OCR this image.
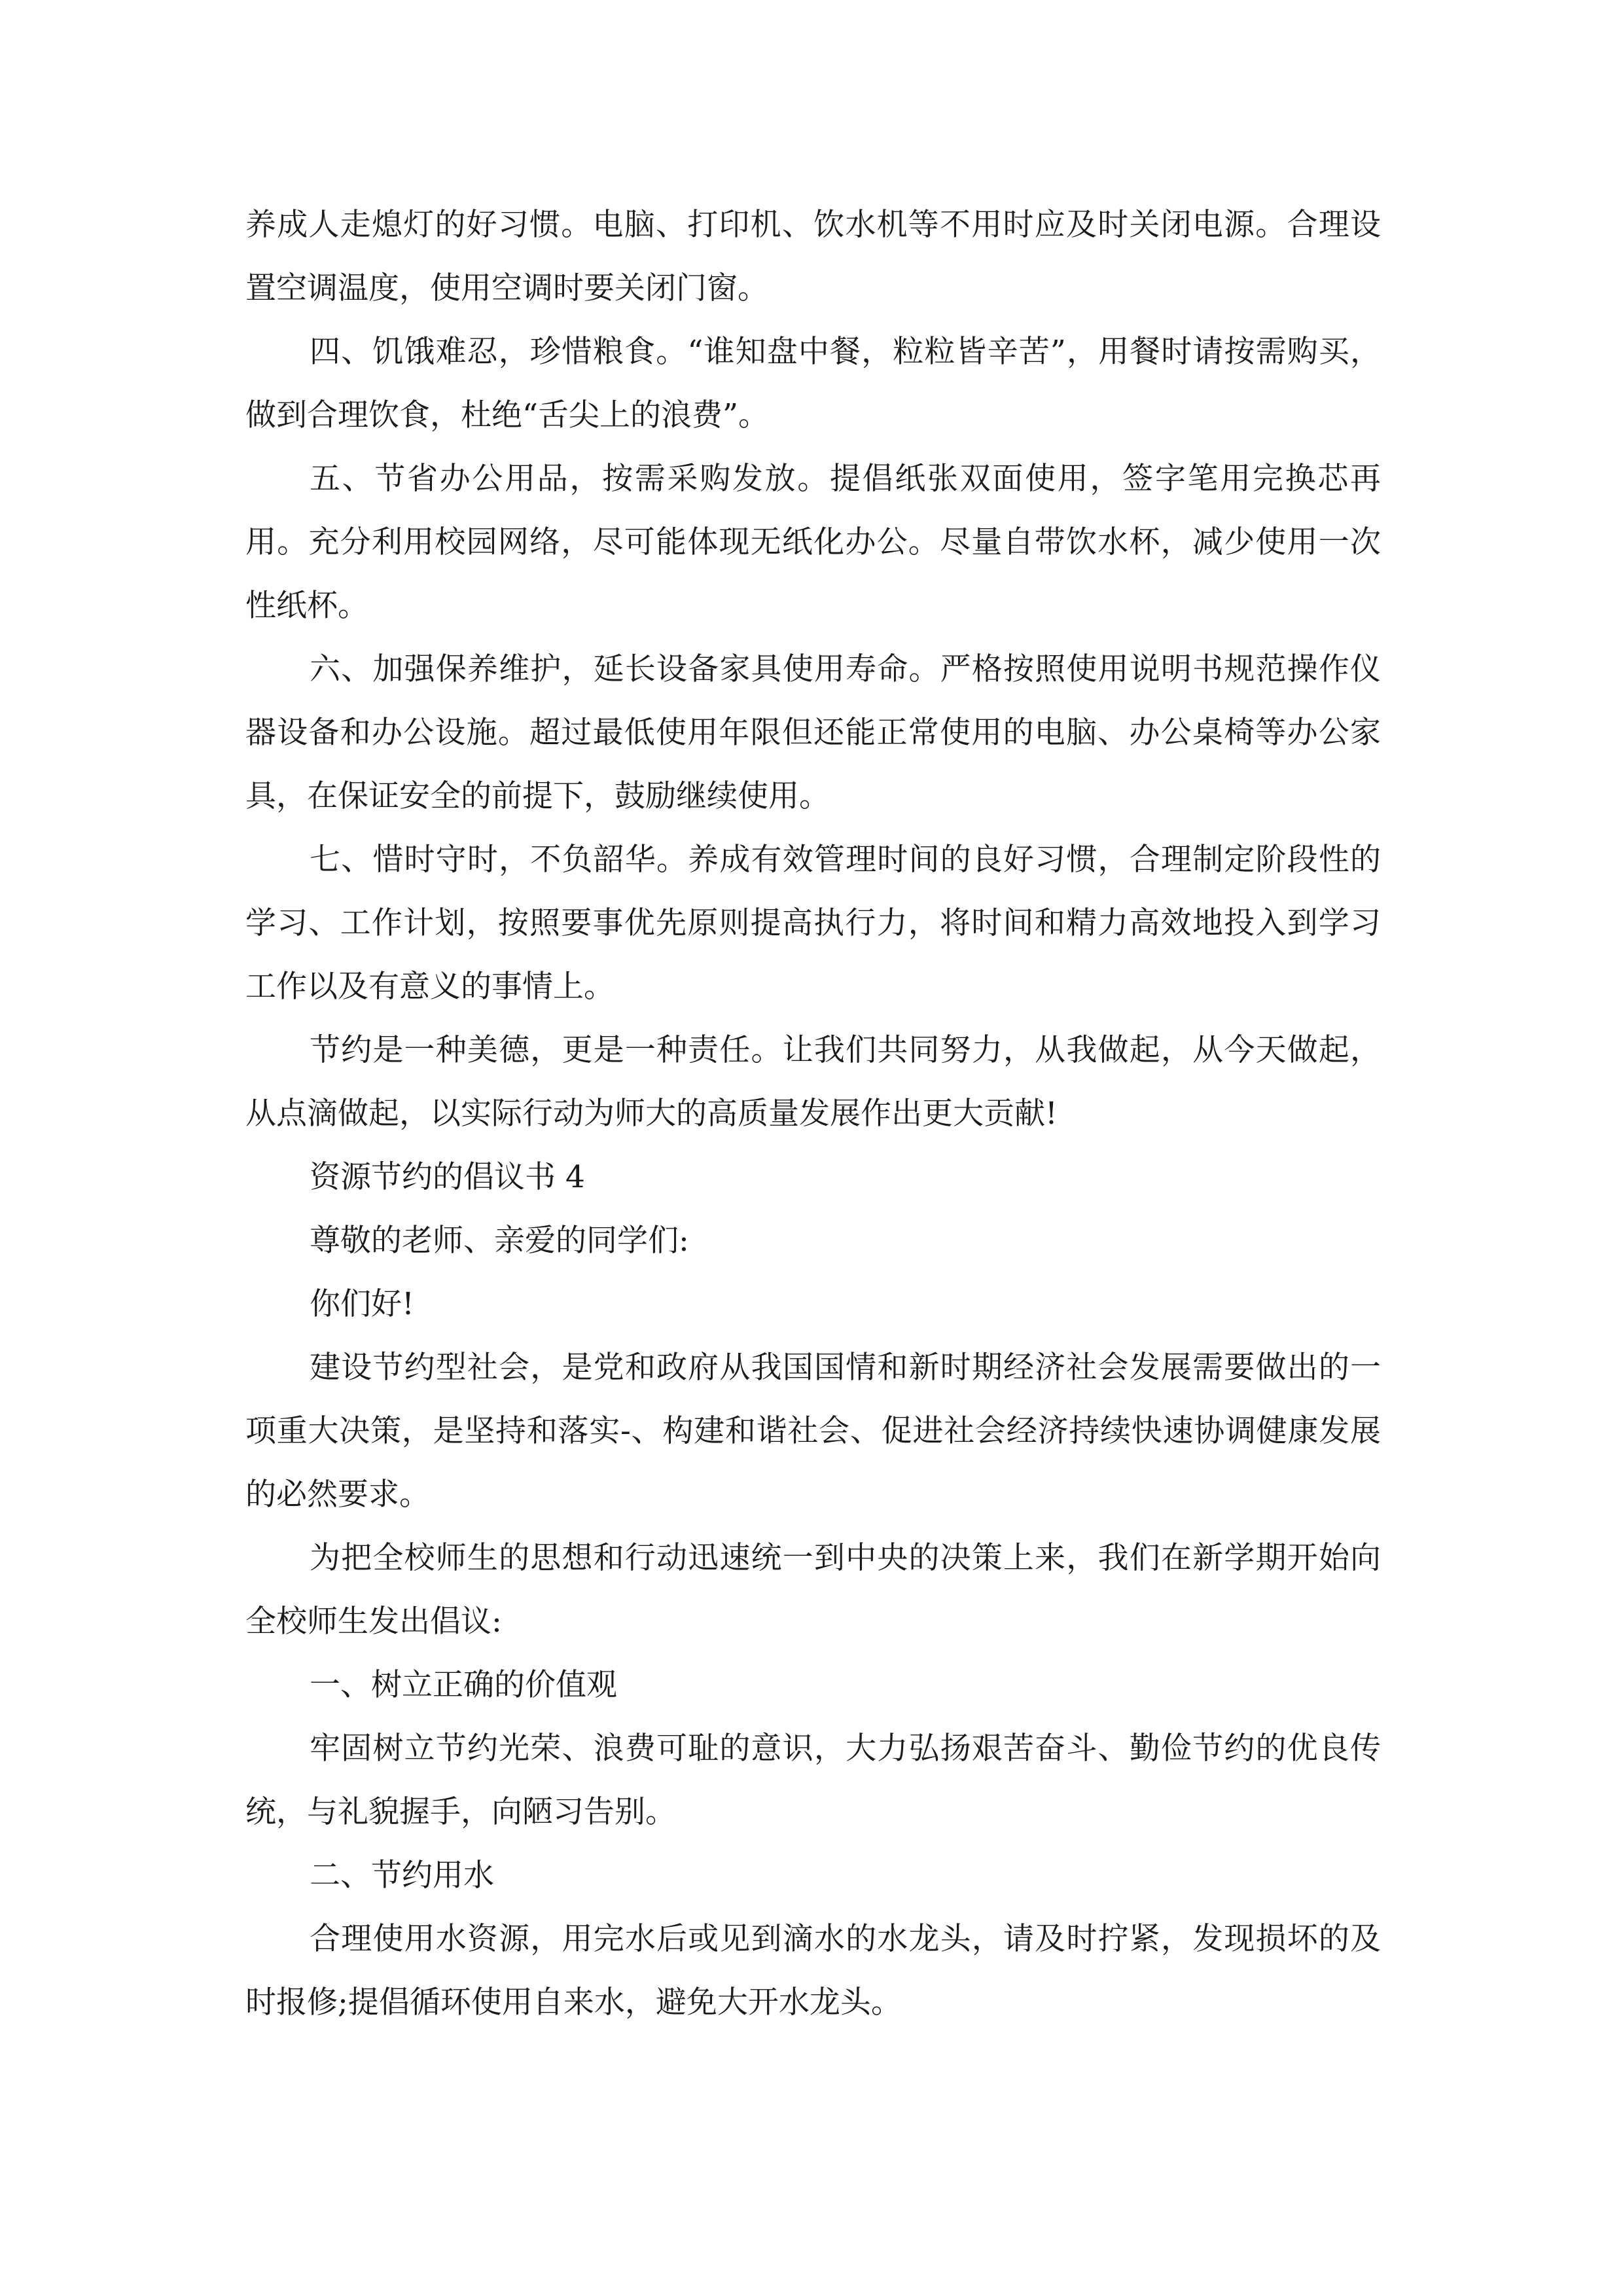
养成人走熄灯的好习惯。电脑、打印机、饮水机等不用时应及时关闭电源。合理设置空调温度，使用空调时要关闭门窗。

四、饥饿难忍，珍惜粮食。“谁知盘中餐，粒粒皆辛苦”，用餐时请按需购买，做到合理饮食，杜绝“舌尖上的浪费”。

五、节省办公用品，按需采购发放。提倡纸张双面使用，签字笔用完换芯再用。充分利用校园网络，尽可能体现无纸化办公。尽量自带饮水杯，减少使用一次性纸杯。

六、加强保养维护，延长设备家具使用寿命。严格按照使用说明书规范操作仪器设备和办公设施。超过最低使用年限但还能正常使用的电脑、办公桌椅等办公家具，在保证安全的前提下，鼓励继续使用。

七、惜时守时，不负韶华。养成有效管理时间的良好习惯，合理制定阶段性的学习、工作计划，按照要事优先原则提高执行力，将时间和精力高效地投入到学习工作以及有意义的事情上。

节约是一种美德，更是一种责任。让我们共同努力，从我做起，从今天做起，从点滴做起，以实际行动为师大的高质量发展作出更大贡献!

资源节约的倡议书 4

尊敬的老师、亲爱的同学们:

你们好!

建设节约型社会，是党和政府从我国国情和新时期经济社会发展需要做出的一项重大决策，是坚持和落实-、构建和谐社会、促进社会经济持续快速协调健康发展的必然要求。

为把全校师生的思想和行动迅速统一到中央的决策上来，我们在新学期开始向全校师生发出倡议:

一、树立正确的价值观

牢固树立节约光荣、浪费可耻的意识，大力弘扬艰苦奋斗、勤俭节约的优良传统，与礼貌握手，向陋习告别。

二、节约用水

合理使用水资源，用完水后或见到滴水的水龙头，请及时拧紧，发现损坏的及时报修;提倡循环使用自来水，避免大开水龙头。
